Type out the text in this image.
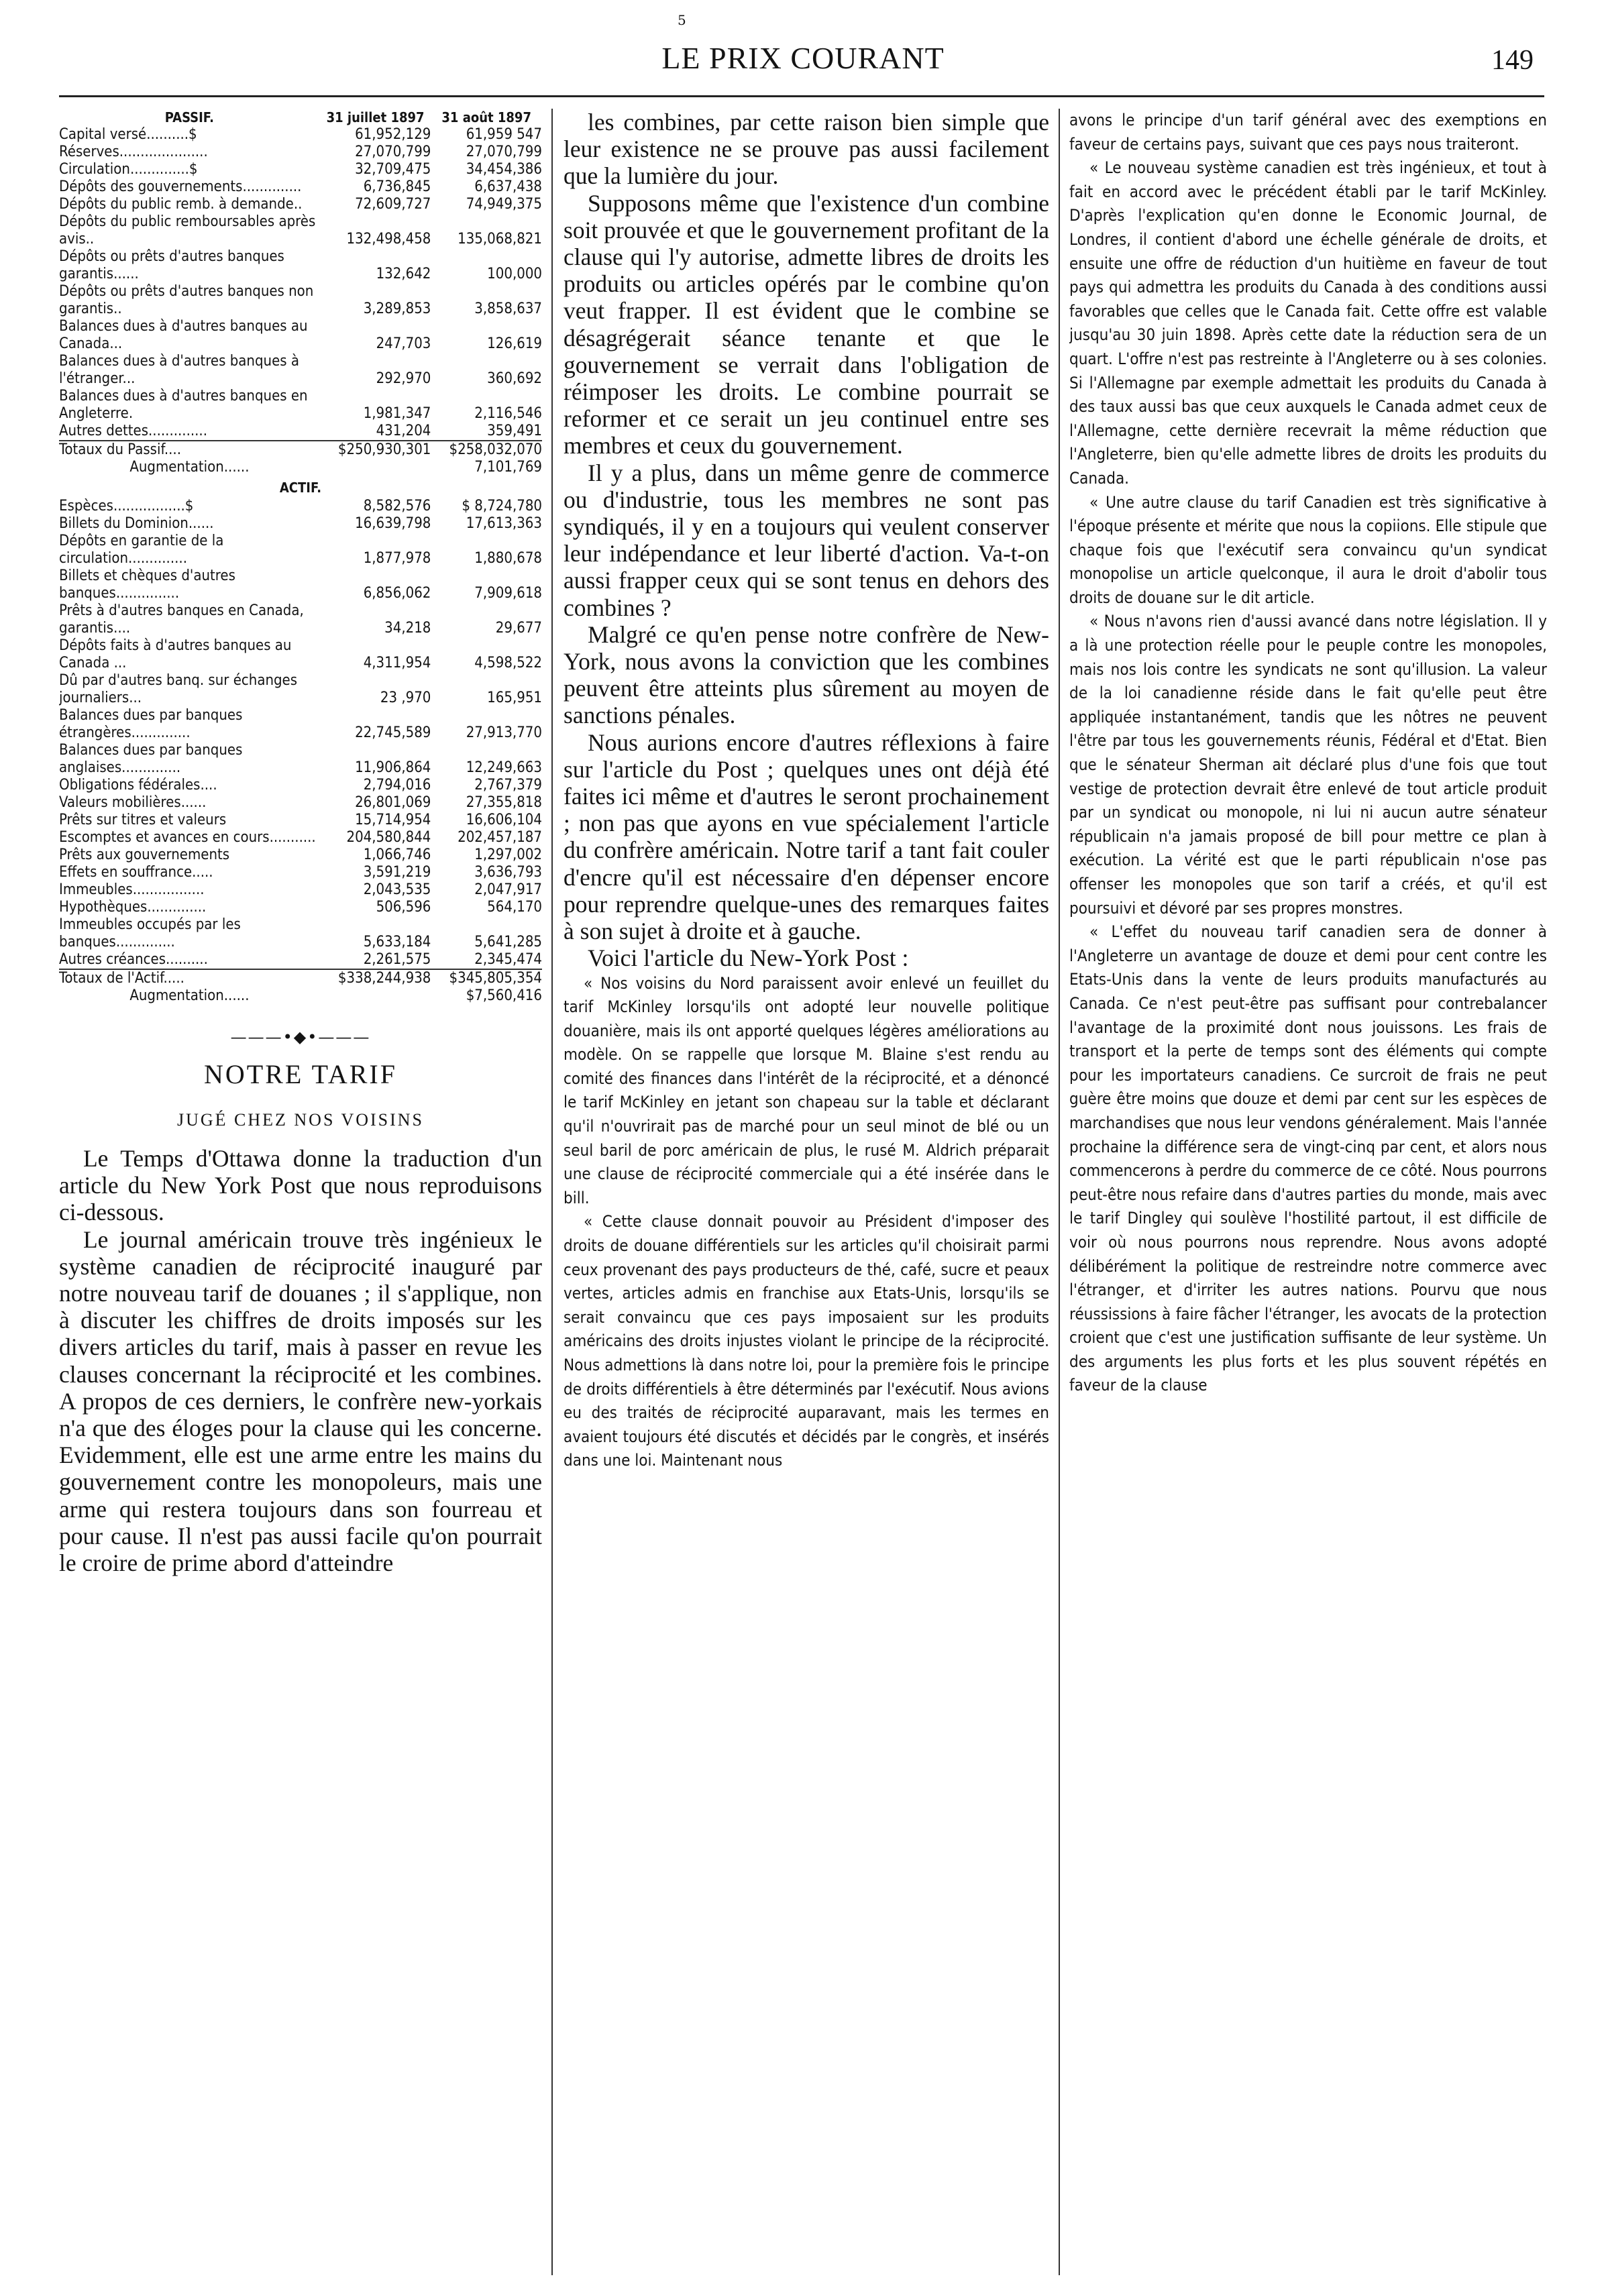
5
LE PRIX COURANT	149
PASSIF.	31 juillet 1897	31 août 1897
Capital versé..........$	61,952,129	61,959 547
Réserves.....................	27,070,799	27,070,799
Circulation..............$	32,709,475	34,454,386
Dépôts des gouvernements..............	6,736,845	6,637,438
Dépôts du public remb. à demande..	72,609,727	74,949,375
Dépôts du public remboursables après avis..	132,498,458	135,068,821
Dépôts ou prêts d'autres banques garantis......	132,642	100,000
Dépôts ou prêts d'autres banques non garantis..	3,289,853	3,858,637
Balances dues à d'autres banques au Canada...	247,703	126,619
Balances dues à d'autres banques à l'étranger...	292,970	360,692
Balances dues à d'autres banques en Angleterre.	1,981,347	2,116,546
Autres dettes..............	431,204	359,491
Totaux du Passif....	$250,930,301	$258,032,070
Augmentation......		7,101,769
ACTIF.		
Espèces.................$	8,582,576	$ 8,724,780
Billets du Dominion......	16,639,798	17,613,363
Dépôts en garantie de la circulation..............	1,877,978	1,880,678
Billets et chèques d'autres banques...............	6,856,062	7,909,618
Prêts à d'autres banques en Canada, garantis....	34,218	29,677
Dépôts faits à d'autres banques au Canada ...	4,311,954	4,598,522
Dû par d'autres banq. sur échanges journaliers...	23 ,970	165,951
Balances dues par banques étrangères..............	22,745,589	27,913,770
Balances dues par banques anglaises..............	11,906,864	12,249,663
Obligations fédérales....	2,794,016	2,767,379
Valeurs mobilières......	26,801,069	27,355,818
Prêts sur titres et valeurs	15,714,954	16,606,104
Escomptes et avances en cours...........	204,580,844	202,457,187
Prêts aux gouvernements	1,066,746	1,297,002
Effets en souffrance.....	3,591,219	3,636,793
Immeubles.................	2,043,535	2,047,917
Hypothèques..............	506,596	564,170
Immeubles occupés par les banques..............	5,633,184	5,641,285
Autres créances..........	2,261,575	2,345,474
Totaux de l'Actif.....	$338,244,938	$345,805,354
Augmentation......		$7,560,416
———•◆•———
NOTRE TARIF
JUGÉ CHEZ NOS VOISINS

Le Temps d'Ottawa donne la traduction d'un article du New York Post que nous reproduisons ci-dessous.

Le journal américain trouve très ingénieux le système canadien de réciprocité inauguré par notre nouveau tarif de douanes ; il s'applique, non à discuter les chiffres de droits imposés sur les divers articles du tarif, mais à passer en revue les clauses concernant la réciprocité et les combines. A propos de ces derniers, le confrère new-yorkais n'a que des éloges pour la clause qui les concerne. Evidemment, elle est une arme entre les mains du gouvernement contre les monopoleurs, mais une arme qui restera toujours dans son fourreau et pour cause. Il n'est pas aussi facile qu'on pourrait le croire de prime abord d'atteindre

les combines, par cette raison bien simple que leur existence ne se prouve pas aussi facilement que la lumière du jour.

Supposons même que l'existence d'un combine soit prouvée et que le gouvernement profitant de la clause qui l'y autorise, admette libres de droits les produits ou articles opérés par le combine qu'on veut frapper. Il est évident que le combine se désagrégerait séance tenante et que le gouvernement se verrait dans l'obligation de réimposer les droits. Le combine pourrait se reformer et ce serait un jeu continuel entre ses membres et ceux du gouvernement.

Il y a plus, dans un même genre de commerce ou d'industrie, tous les membres ne sont pas syndiqués, il y en a toujours qui veulent conserver leur indépendance et leur liberté d'action. Va-t-on aussi frapper ceux qui se sont tenus en dehors des combines ?

Malgré ce qu'en pense notre confrère de New-York, nous avons la conviction que les combines peuvent être atteints plus sûrement au moyen de sanctions pénales.

Nous aurions encore d'autres réflexions à faire sur l'article du Post ; quelques unes ont déjà été faites ici même et d'autres le seront prochainement ; non pas que ayons en vue spécialement l'article du confrère américain. Notre tarif a tant fait couler d'encre qu'il est nécessaire d'en dépenser encore pour reprendre quelque-unes des remarques faites à son sujet à droite et à gauche.

Voici l'article du New-York Post :

« Nos voisins du Nord paraissent avoir enlevé un feuillet du tarif McKinley lorsqu'ils ont adopté leur nouvelle politique douanière, mais ils ont apporté quelques légères améliorations au modèle. On se rappelle que lorsque M. Blaine s'est rendu au comité des finances dans l'intérêt de la réciprocité, et a dénoncé le tarif McKinley en jetant son chapeau sur la table et déclarant qu'il n'ouvrirait pas de marché pour un seul minot de blé ou un seul baril de porc américain de plus, le rusé M. Aldrich préparait une clause de réciprocité commerciale qui a été insérée dans le bill.

« Cette clause donnait pouvoir au Président d'imposer des droits de douane différentiels sur les articles qu'il choisirait parmi ceux provenant des pays producteurs de thé, café, sucre et peaux vertes, articles admis en franchise aux Etats-Unis, lorsqu'ils se serait convaincu que ces pays imposaient sur les produits américains des droits injustes violant le principe de la réciprocité. Nous admettions là dans notre loi, pour la première fois le principe de droits différentiels à être déterminés par l'exécutif. Nous avions eu des traités de réciprocité auparavant, mais les termes en avaient toujours été discutés et décidés par le congrès, et insérés dans une loi. Maintenant nous

avons le principe d'un tarif général avec des exemptions en faveur de certains pays, suivant que ces pays nous traiteront.

« Le nouveau système canadien est très ingénieux, et tout à fait en accord avec le précédent établi par le tarif McKinley. D'après l'explication qu'en donne le Economic Journal, de Londres, il contient d'abord une échelle générale de droits, et ensuite une offre de réduction d'un huitième en faveur de tout pays qui admettra les produits du Canada à des conditions aussi favorables que celles que le Canada fait. Cette offre est valable jusqu'au 30 juin 1898. Après cette date la réduction sera de un quart. L'offre n'est pas restreinte à l'Angleterre ou à ses colonies. Si l'Allemagne par exemple admettait les produits du Canada à des taux aussi bas que ceux auxquels le Canada admet ceux de l'Allemagne, cette dernière recevrait la même réduction que l'Angleterre, bien qu'elle admette libres de droits les produits du Canada.

« Une autre clause du tarif Canadien est très significative à l'époque présente et mérite que nous la copiions. Elle stipule que chaque fois que l'exécutif sera convaincu qu'un syndicat monopolise un article quelconque, il aura le droit d'abolir tous droits de douane sur le dit article.

« Nous n'avons rien d'aussi avancé dans notre législation. Il y a là une protection réelle pour le peuple contre les monopoles, mais nos lois contre les syndicats ne sont qu'illusion. La valeur de la loi canadienne réside dans le fait qu'elle peut être appliquée instantanément, tandis que les nôtres ne peuvent l'être par tous les gouvernements réunis, Fédéral et d'Etat. Bien que le sénateur Sherman ait déclaré plus d'une fois que tout vestige de protection devrait être enlevé de tout article produit par un syndicat ou monopole, ni lui ni aucun autre sénateur républicain n'a jamais proposé de bill pour mettre ce plan à exécution. La vérité est que le parti républicain n'ose pas offenser les monopoles que son tarif a créés, et qu'il est poursuivi et dévoré par ses propres monstres.

« L'effet du nouveau tarif canadien sera de donner à l'Angleterre un avantage de douze et demi pour cent contre les Etats-Unis dans la vente de leurs produits manufacturés au Canada. Ce n'est peut-être pas suffisant pour contrebalancer l'avantage de la proximité dont nous jouissons. Les frais de transport et la perte de temps sont des éléments qui compte pour les importateurs canadiens. Ce surcroit de frais ne peut guère être moins que douze et demi par cent sur les espèces de marchandises que nous leur vendons généralement. Mais l'année prochaine la différence sera de vingt-cinq par cent, et alors nous commencerons à perdre du commerce de ce côté. Nous pourrons peut-être nous refaire dans d'autres parties du monde, mais avec le tarif Dingley qui soulève l'hostilité partout, il est difficile de voir où nous pourrons nous reprendre. Nous avons adopté délibérément la politique de restreindre notre commerce avec l'étranger, et d'irriter les autres nations. Pourvu que nous réussissions à faire fâcher l'étranger, les avocats de la protection croient que c'est une justification suffisante de leur système. Un des arguments les plus forts et les plus souvent répétés en faveur de la clause
